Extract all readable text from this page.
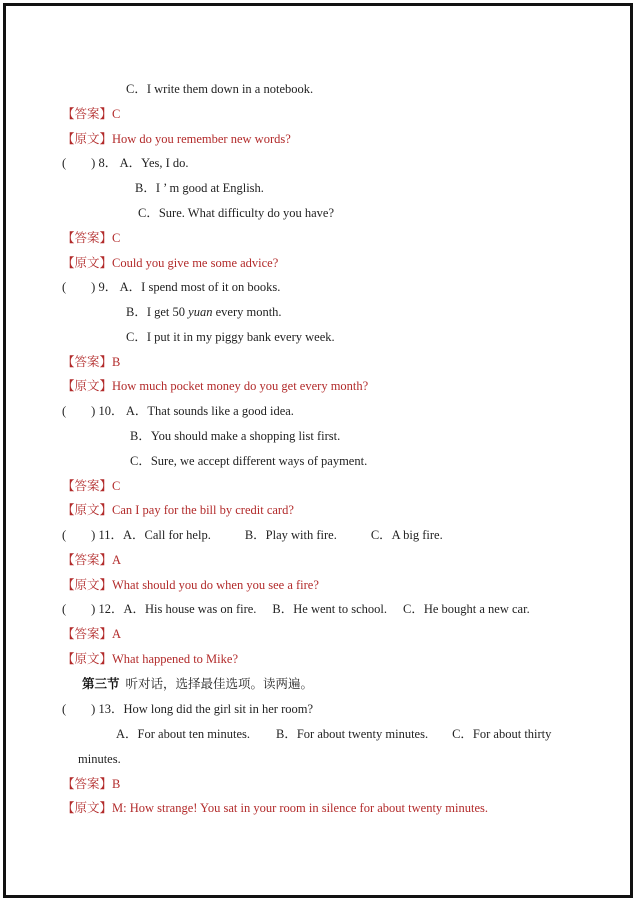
C．I write them down in a notebook.
【答案】C
【原文】How do you remember new words?
(　　) 8． A．Yes, I do.
B．I ’ m good at English.
C．Sure. What difficulty do you have?
【答案】C
【原文】Could you give me some advice?
(　　) 9． A．I spend most of it on books.
B．I get 50 yuan every month.
C．I put it in my piggy bank every week.
【答案】B
【原文】How much pocket money do you get every month?
(　　) 10． A．That sounds like a good idea.
B．You should make a shopping list first.
C．Sure, we accept different ways of payment.
【答案】C
【原文】Can I pay for the bill by credit card?
(　　) 11．A．Call for help.	B．Play with fire.	C．A big fire.
【答案】A
【原文】What should you do when you see a fire?
(　　) 12．A．His house was on fire. B．He went to school. C．He bought a new car.
【答案】A
【原文】What happened to Mike?
第三节 听对话，选择最佳选项。读两遍。
(　　) 13．How long did the girl sit in her room?
A．For about ten minutes. B．For about twenty minutes. C．For about thirty
minutes.
【答案】B
【原文】M: How strange! You sat in your room in silence for about twenty minutes.
